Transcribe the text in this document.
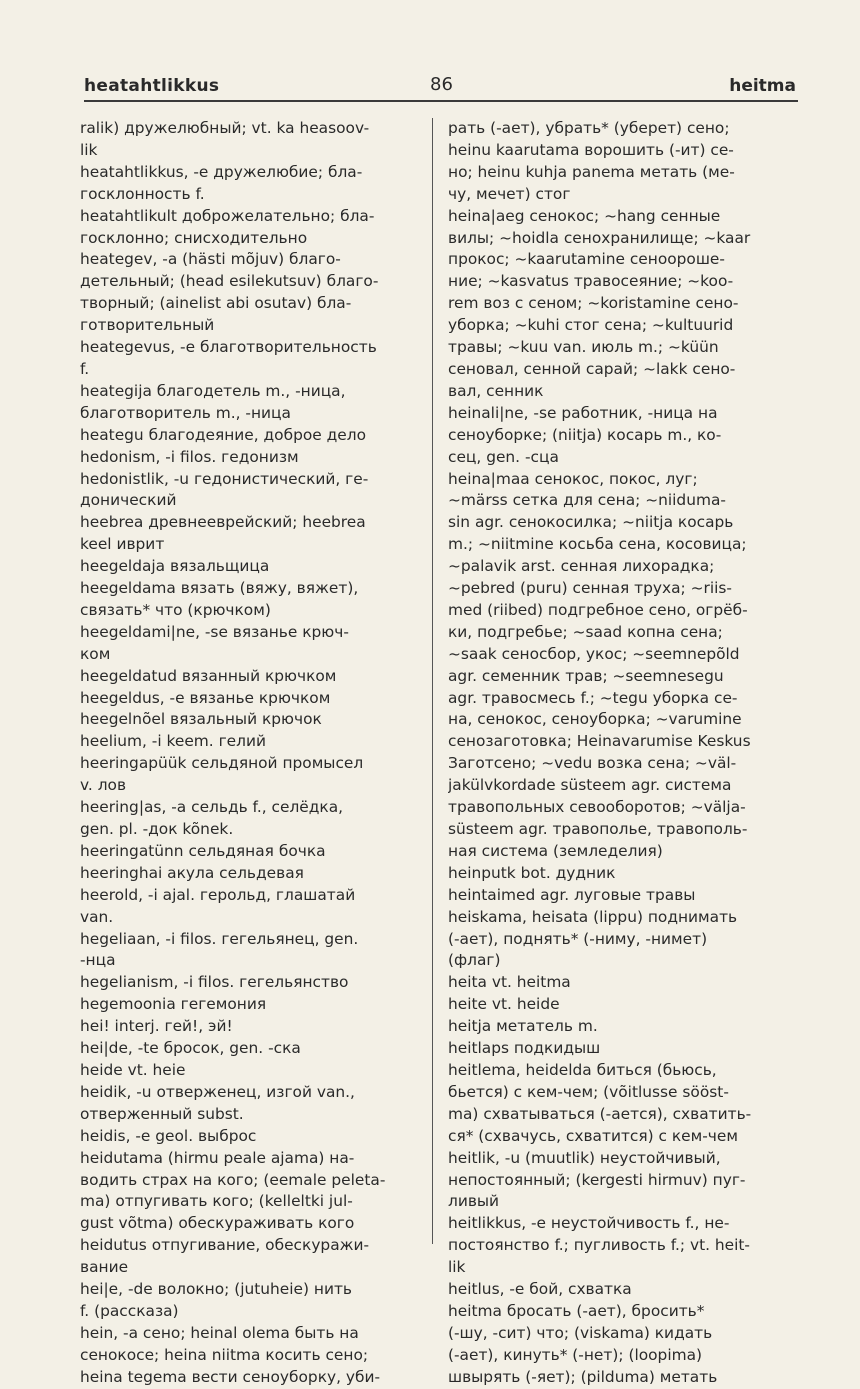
heatahtlikkus	86	heitma
ralik) дружелюбный; vt. ka heasoov-
lik
heatahtlikkus, -e дружелюбие; бла-
госклонность f.
heatahtlikult доброжелательно; бла-
госклонно; снисходительно
heategev, -a (hästi mõjuv) благо-
детельный; (head esilekutsuv) благо-
творный; (ainelist abi osutav) бла-
готворительный
heategevus, -e благотворительность
f.
heategija благодетель m., -ница,
благотворитель m., -ница
heategu благодеяние, доброе дело
hedonism, -i filos. гедонизм
hedonistlik, -u гедонистический, ге-
донический
heebrea древнееврейский; heebrea
keel иврит
heegeldaja вязальщица
heegeldama вязать (вяжу, вяжет),
связать* что (крючком)
heegeldami|ne, -se вязанье крюч-
ком
heegeldatud вязанный крючком
heegeldus, -e вязанье крючком
heegelnõel вязальный крючок
heelium, -i keem. гелий
heeringapüük сельдяной промысел
v. лов
heering|as, -a сельдь f., селёдка,
gen. pl. -док kõnek.
heeringatünn сельдяная бочка
heeringhai акула сельдевая
heerold, -i ajal. герольд, глашатай
van.
hegeliaan, -i filos. гегельянец, gen.
-нца
hegelianism, -i filos. гегельянство
hegemoonia гегемония
hei! interj. гей!, эй!
hei|de, -te бросок, gen. -ска
heide vt. heie
heidik, -u отверженец, изгой van.,
отверженный subst.
heidis, -e geol. выброс
heidutama (hirmu peale ajama) на-
водить страх на кого; (eemale peleta-
ma) отпугивать кого; (kelleltki jul-
gust võtma) обескураживать кого
heidutus отпугивание, обескуражи-
вание
hei|e, -de волокно; (jutuheie) нить
f. (рассказа)
hein, -a сено; heinal olema быть на
сенокосе; heina niitma косить сено;
heina tegema вести сеноуборку, уби-
рать (-ает), убрать* (уберет) сено;
heinu kaarutama ворошить (-ит) се-
но; heinu kuhja panema метать (ме-
чу, мечет) стог
heina|aeg сенокос; ~hang сенные
вилы; ~hoidla сенохранилище; ~kaar
прокос; ~kaarutamine сеноороше-
ние; ~kasvatus травосеяние; ~koo-
rem воз с сеном; ~koristamine сено-
уборка; ~kuhi стог сена; ~kultuurid
травы; ~kuu van. июль m.; ~küün
сеновал, сенной сарай; ~lakk сено-
вал, сенник
heinali|ne, -se работник, -ница на
сеноуборке; (niitja) косарь m., ко-
сец, gen. -сца
heina|maa сенокос, покос, луг;
~märss сетка для сена; ~niiduma-
sin agr. сенокосилка; ~niitja косарь
m.; ~niitmine косьба сена, косовица;
~palavik arst. сенная лихорадка;
~pebred (puru) сенная труха; ~riis-
med (riibed) подгребное сено, огрёб-
ки, подгребье; ~saad копна сена;
~saak сеносбор, укос; ~seemnepõld
agr. семенник трав; ~seemnesegu
agr. травосмесь f.; ~tegu уборка се-
на, сенокос, сеноуборка; ~varumine
сенозаготовка; Heinavarumise Keskus
Заготсено; ~vedu возка сена; ~väl-
jakülvkordade süsteem agr. система
травопольных севооборотов; ~välja-
süsteem agr. травополье, травополь-
ная система (земледелия)
heinputk bot. дудник
heintaimed agr. луговые травы
heiskama, heisata (lippu) поднимать
(-ает), поднять* (-ниму, -нимет)
(флаг)
heita vt. heitma
heite vt. heide
heitja метатель m.
heitlaps подкидыш
heitlema, heidelda биться (бьюсь,
бьется) с кем-чем; (võitlusse sööst-
ma) схватываться (-ается), схватить-
ся* (схвачусь, схватится) с кем-чем
heitlik, -u (muutlik) неустойчивый,
непостоянный; (kergesti hirmuv) пуг-
ливый
heitlikkus, -e неустойчивость f., не-
постоянство f.; пугливость f.; vt. heit-
lik
heitlus, -e бой, схватка
heitma бросать (-ает), бросить*
(-шу, -сит) что; (viskama) кидать
(-ает), кинуть* (-нет); (loopima)
швырять (-яет); (pildumа) метать
